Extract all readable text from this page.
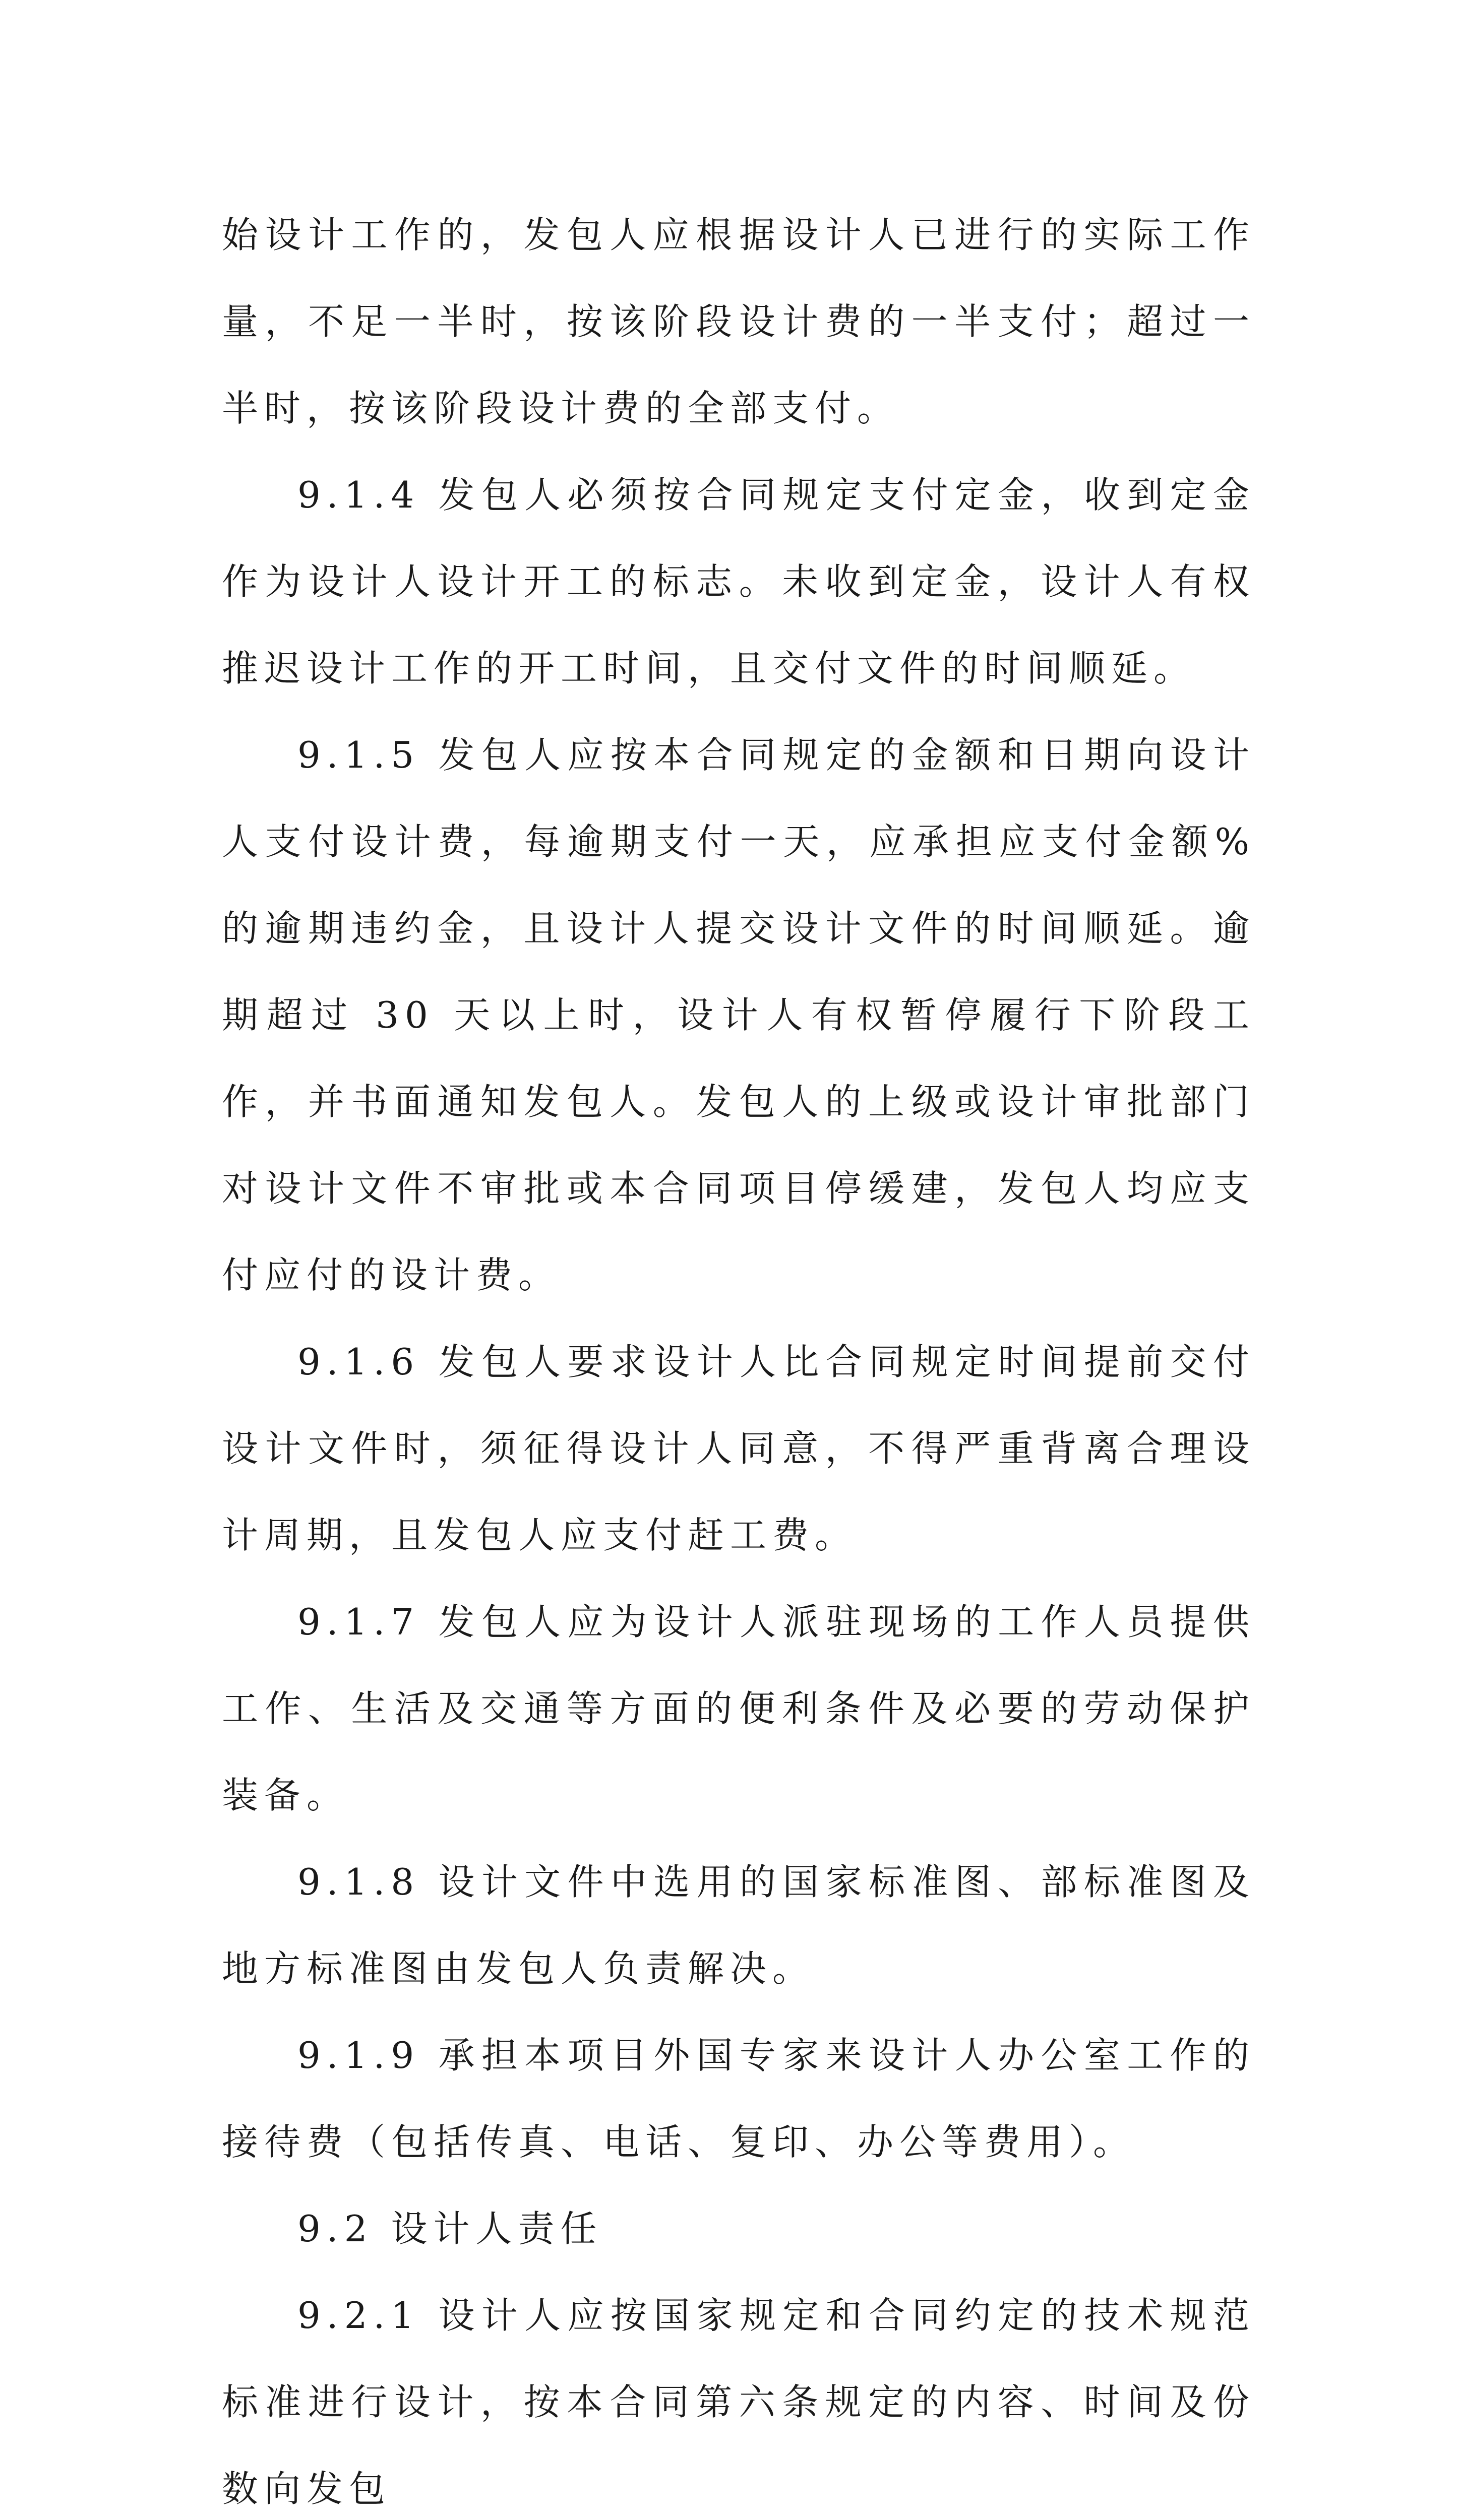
始设计工作的，发包人应根据设计人已进行的实际工作量，不足一半时，按该阶段设计费的一半支付；超过一半时，按该阶段设计费的全部支付。

9.1.4 发包人必须按合同规定支付定金，收到定金作为设计人设计开工的标志。未收到定金，设计人有权推迟设计工作的开工时间，且交付文件的时间顺延。

9.1.5 发包人应按本合同规定的金额和日期向设计人支付设计费，每逾期支付一天，应承担应支付金额%的逾期违约金，且设计人提交设计文件的时间顺延。逾期超过 30 天以上时，设计人有权暂停履行下阶段工作，并书面通知发包人。发包人的上级或设计审批部门对设计文件不审批或本合同项目停缓建，发包人均应支付应付的设计费。

9.1.6 发包人要求设计人比合同规定时间提前交付设计文件时，须征得设计人同意，不得严重背离合理设计周期，且发包人应支付赶工费。

9.1.7 发包人应为设计人派驻现场的工作人员提供工作、生活及交通等方面的便利条件及必要的劳动保护装备。

9.1.8 设计文件中选用的国家标准图、部标准图及地方标准图由发包人负责解决。

9.1.9 承担本项目外国专家来设计人办公室工作的接待费（包括传真、电话、复印、办公等费用）。

9.2 设计人责任

9.2.1 设计人应按国家规定和合同约定的技术规范标准进行设计，按本合同第六条规定的内容、时间及份数向发包
